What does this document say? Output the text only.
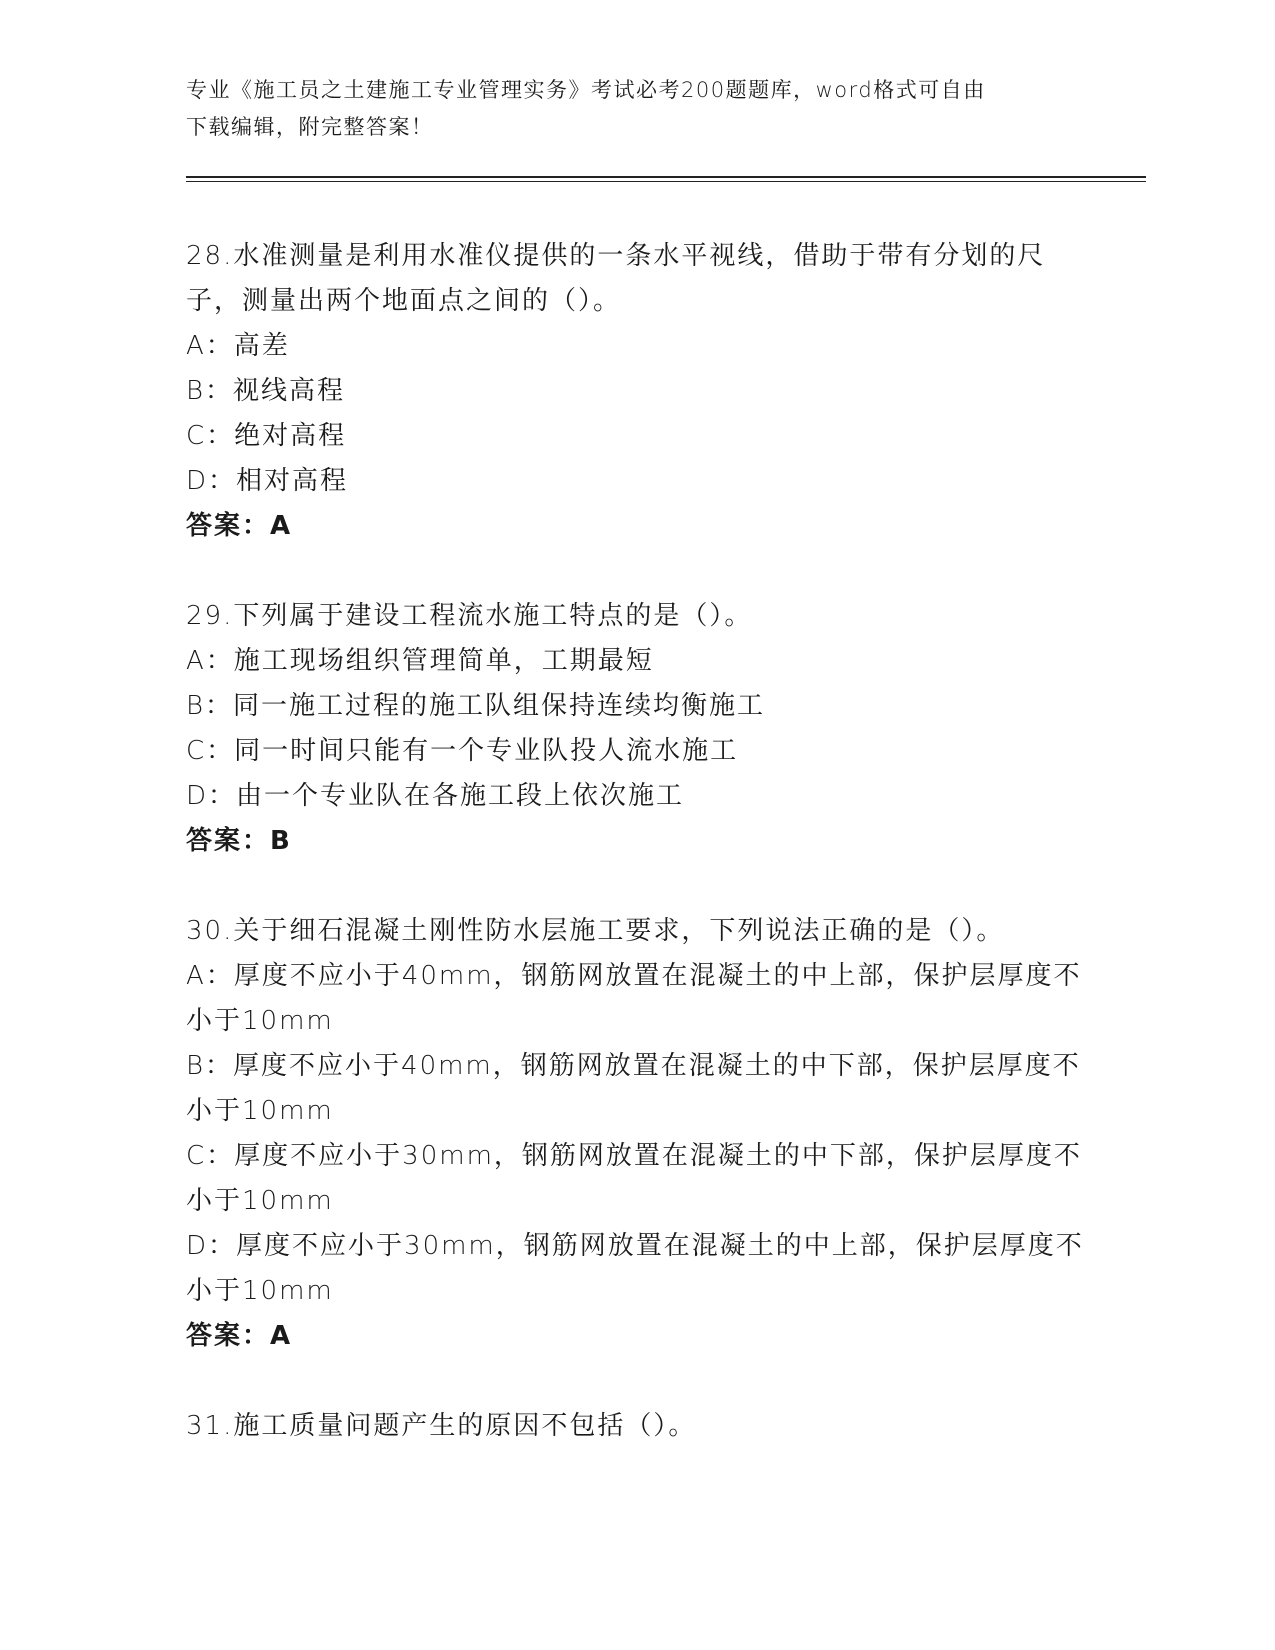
专业《施工员之土建施工专业管理实务》考试必考200题题库，word格式可自由
下载编辑，附完整答案！
28.水准测量是利用水准仪提供的一条水平视线，借助于带有分划的尺
子，测量出两个地面点之间的（）。
A：高差
B：视线高程
C：绝对高程
D：相对高程
答案：A
29.下列属于建设工程流水施工特点的是（）。
A：施工现场组织管理简单，工期最短
B：同一施工过程的施工队组保持连续均衡施工
C：同一时间只能有一个专业队投人流水施工
D：由一个专业队在各施工段上依次施工
答案：B
30.关于细石混凝土刚性防水层施工要求，下列说法正确的是（）。
A：厚度不应小于40mm，钢筋网放置在混凝土的中上部，保护层厚度不
小于10mm
B：厚度不应小于40mm，钢筋网放置在混凝土的中下部，保护层厚度不
小于10mm
C：厚度不应小于30mm，钢筋网放置在混凝土的中下部，保护层厚度不
小于10mm
D：厚度不应小于30mm，钢筋网放置在混凝土的中上部，保护层厚度不
小于10mm
答案：A
31.施工质量问题产生的原因不包括（）。
